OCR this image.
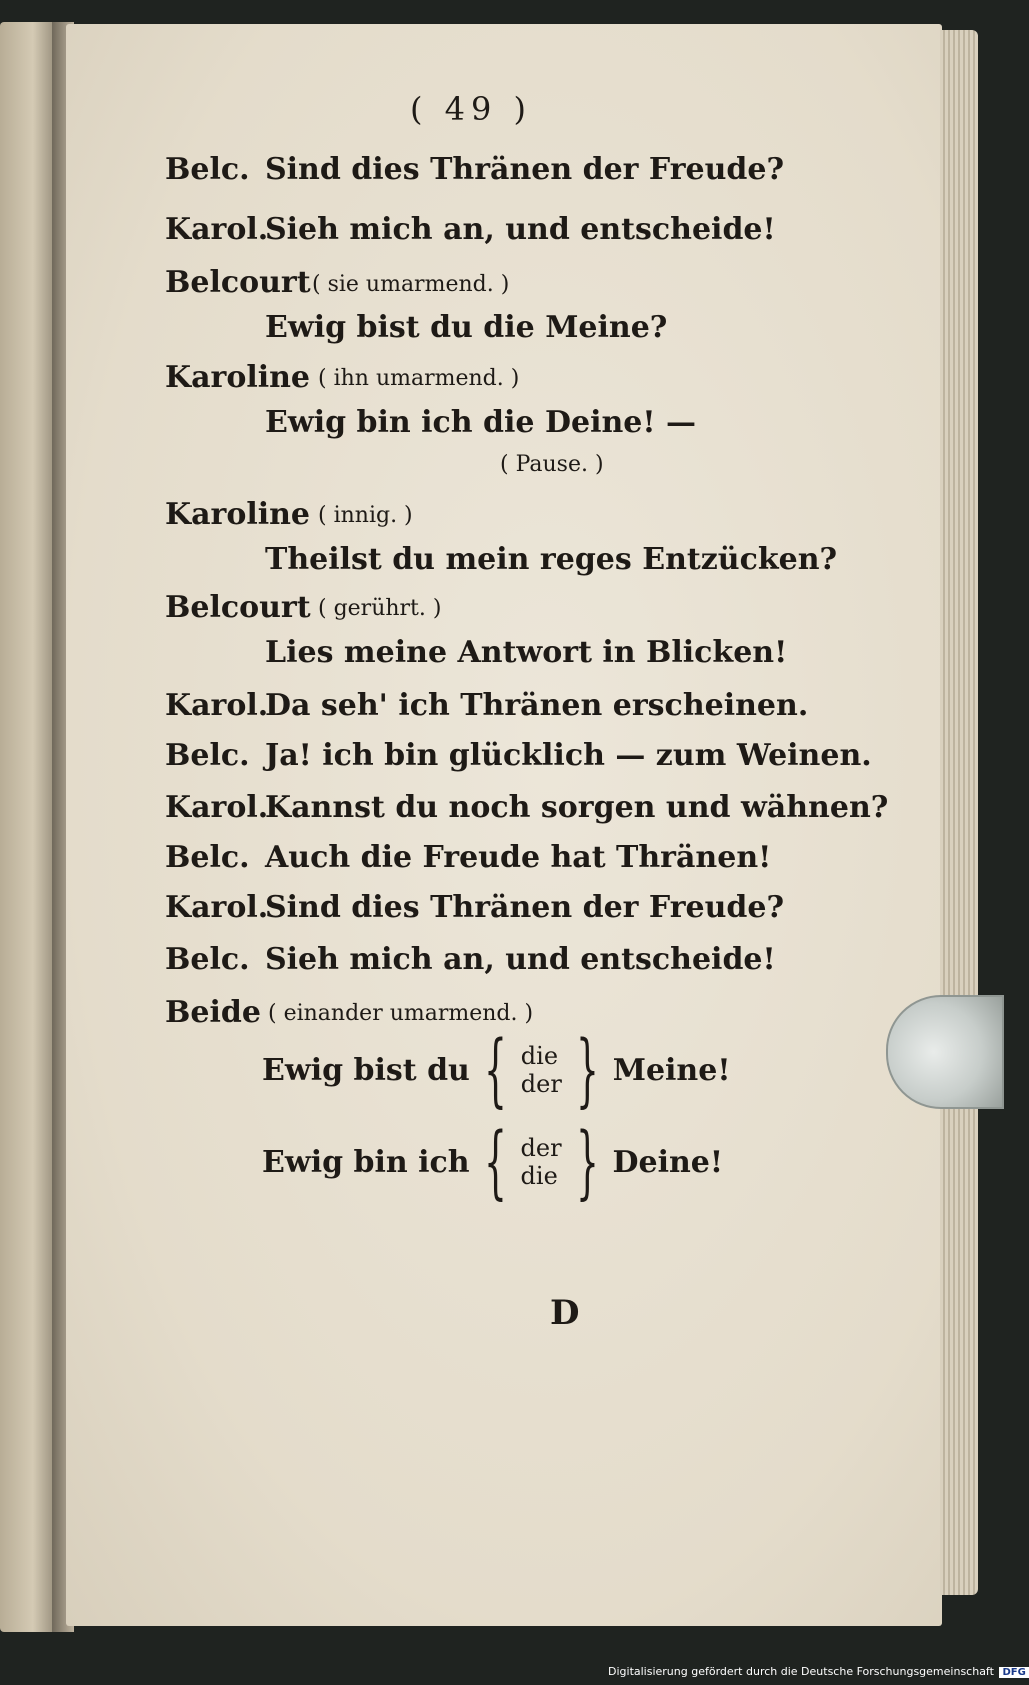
( 49 )
Belc. Sind dies Thränen der Freude?
Karol.
Sieh mich an, und entscheide!
Belcourt ( sie umarmend. )
Ewig bist du die Meine?
Karoline ( ihn umarmend. )
Ewig bin ich die Deine! —
( Pause. )
Karoline ( innig. )
Theilst du mein reges Entzücken?
Belcourt ( gerührt. )
Lies meine Antwort in Blicken!
Karol.
Da seh' ich Thränen erscheinen.
Belc. Ja! ich bin glücklich — zum Weinen.
Karol.
Kannst du noch sorgen und wähnen?
Belc. Auch die Freude hat Thränen!
Karol.
Sind dies Thränen der Freude?
Belc. Sieh mich an, und entscheide!
Beide ( einander umarmend. )
Ewig bist du { die
der } Meine!
Ewig bin ich { der
die } Deine!
D
Digitalisierung gefördert durch die Deutsche Forschungsgemeinschaft DFG
